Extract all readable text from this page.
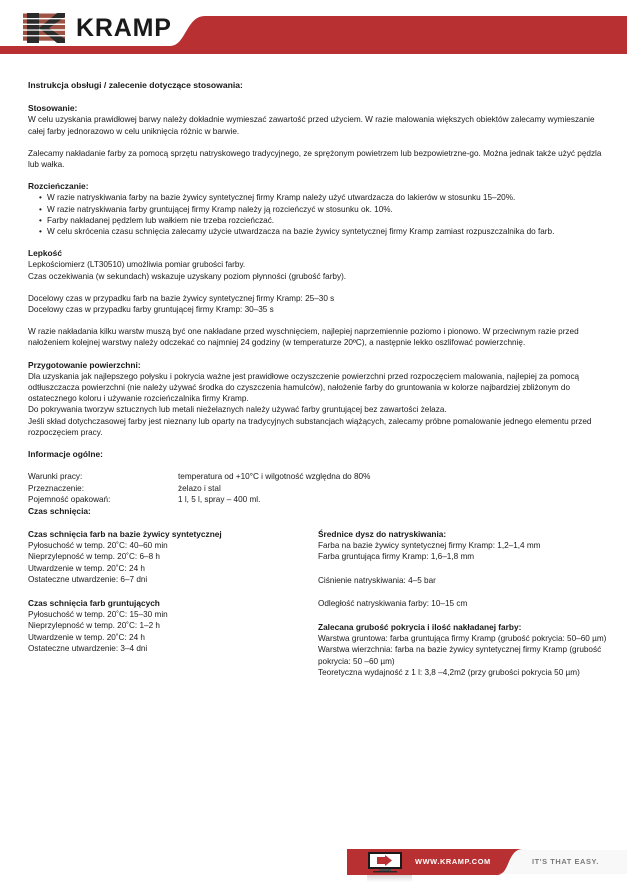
KRAMP
Instrukcja obsługi / zalecenie dotyczące stosowania:
Stosowanie:

W celu uzyskania prawidłowej barwy należy dokładnie wymieszać zawartość przed użyciem. W razie malowania większych obiektów zalecamy wymieszanie całej farby jednorazowo w celu uniknięcia różnic w barwie.

Zalecamy nakładanie farby za pomocą sprzętu natryskowego tradycyjnego, ze sprężonym powietrzem lub bezpowietrzne-go. Można jednak także użyć pędzla lub wałka.

Rozcieńczanie:
• W razie natryskiwania farby na bazie żywicy syntetycznej firmy Kramp należy użyć utwardzacza do lakierów w stosunku 15–20%.
• W razie natryskiwania farby gruntującej firmy Kramp należy ją rozcieńczyć w stosunku ok. 10%.
• Farby nakładanej pędzlem lub wałkiem nie trzeba rozcieńczać.
• W celu skrócenia czasu schnięcia zalecamy użycie utwardzacza na bazie żywicy syntetycznej firmy Kramp zamiast rozpuszczalnika do farb.
Lepkość

Lepkościomierz (LT30510) umożliwia pomiar grubości farby.

Czas oczekiwania (w sekundach) wskazuje uzyskany poziom płynności (grubość farby).

Docelowy czas w przypadku farb na bazie żywicy syntetycznej firmy Kramp: 25–30 s

Docelowy czas w przypadku farby gruntującej firmy Kramp: 30–35 s

W razie nakładania kilku warstw muszą być one nakładane przed wyschnięciem, najlepiej naprzemiennie poziomo i pionowo. W przeciwnym razie przed nałożeniem kolejnej warstwy należy odczekać co najmniej 24 godziny (w temperaturze 20ºC), a następnie lekko oszlifować powierzchnię.

Przygotowanie powierzchni:

Dla uzyskania jak najlepszego połysku i pokrycia ważne jest prawidłowe oczyszczenie powierzchni przed rozpoczęciem malowania, najlepiej za pomocą odtłuszczacza powierzchni (nie należy używać środka do czyszczenia hamulców), nałożenie farby do gruntowania w kolorze najbardziej zbliżonym do ostatecznego koloru i używanie rozcieńczalnika firmy Kramp.

Do pokrywania tworzyw sztucznych lub metali nieżelaznych należy używać farby gruntującej bez zawartości żelaza.

Jeśli skład dotychczasowej farby jest nieznany lub oparty na tradycyjnych substancjach wiążących, zalecamy próbne pomalowanie jednego elementu przed rozpoczęciem pracy.

Informacje ogólne:
Warunki pracy:	temperatura od +10°C i wilgotność względna do 80%
Przeznaczenie:	żelazo i stal
Pojemność opakowań:	1 l, 5 l, spray – 400 ml.
Czas schnięcia:
Czas schnięcia farb na bazie żywicy syntetycznej
Pyłosuchość w temp. 20˚C: 40–60 min
Nieprzylepność w temp. 20˚C: 6–8 h
Utwardzenie w temp. 20˚C: 24 h
Ostateczne utwardzenie: 6–7 dni
Czas schnięcia farb gruntujących
Pyłosuchość w temp. 20˚C: 15–30 min
Nieprzylepność w temp. 20˚C: 1–2 h
Utwardzenie w temp. 20˚C: 24 h
Ostateczne utwardzenie: 3–4 dni
Średnice dysz do natryskiwania:
Farba na bazie żywicy syntetycznej firmy Kramp: 1,2–1,4 mm
Farba gruntująca firmy Kramp: 1,6–1,8 mm
Ciśnienie natryskiwania: 4–5 bar
Odległość natryskiwania farby: 10–15 cm
Zalecana grubość pokrycia i ilość nakładanej farby:
Warstwa gruntowa: farba gruntująca firmy Kramp (grubość pokrycia: 50–60 µm)
Warstwa wierzchnia: farba na bazie żywicy syntetycznej firmy Kramp (grubość pokrycia: 50 –60 µm)
Teoretyczna wydajność z 1 l: 3,8 –4,2m2 (przy grubości pokrycia 50 µm)
WWW.KRAMP.COM	IT'S THAT EASY.
